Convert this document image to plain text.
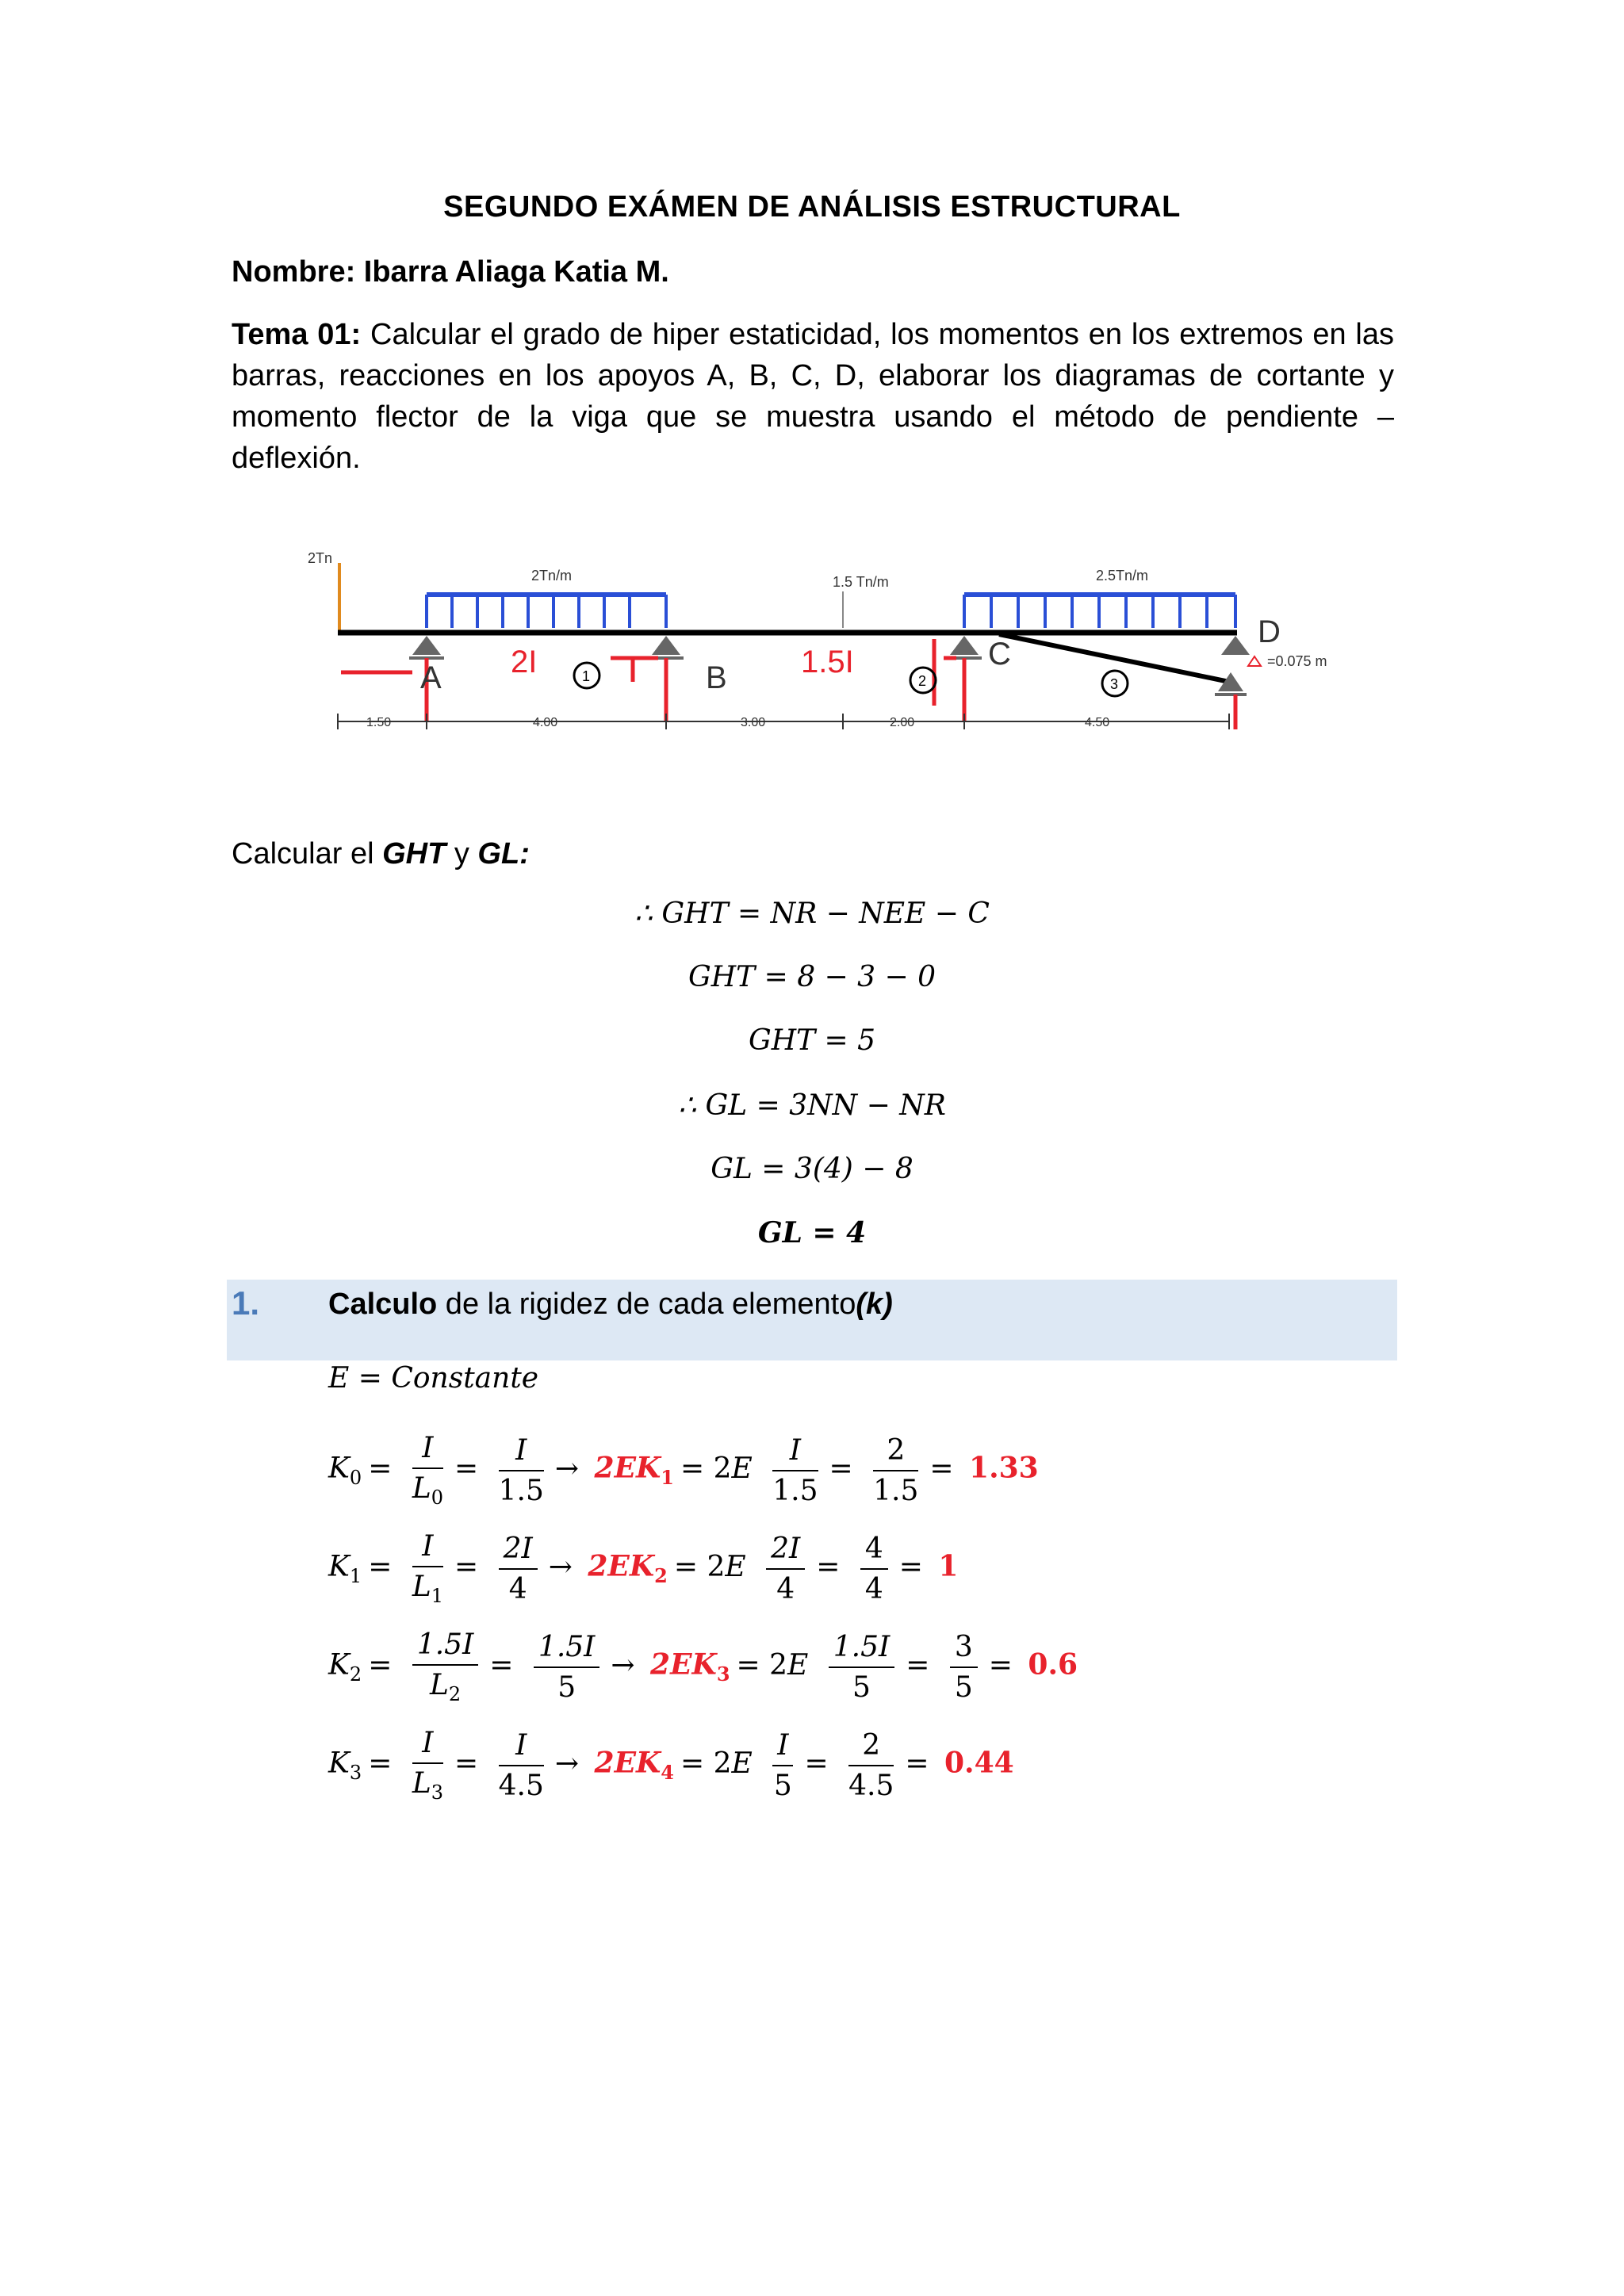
SEGUNDO EXÁMEN DE ANÁLISIS ESTRUCTURAL
Nombre: Ibarra Aliaga Katia M.
Tema 01: Calcular el grado de hiper estaticidad, los momentos en los extremos en las barras, reacciones en los apoyos A, B, C, D, elaborar los diagramas de cortante y momento flector de la viga que se muestra usando el método de pendiente – deflexión.
2Tn
2Tn/m	1.5 Tn/m	2.5Tn/m
A	B
C
D
2I	1.5I
1	2	3
=0.075 m
1.50	4.00	3.00	2.00	4.50
Calcular el GHT y GL:
∴ GHT = NR − NEE − C
GHT = 8 − 3 − 0
GHT = 5
∴ GL = 3NN − NR
GL = 3(4) − 8
GL = 4
1. Calculo de la rigidez de cada elemento(k)
E = Constante
$K_0 = \frac{I}{L_0} = \frac{I}{1.5} \to 2EK_1 = 2E \frac{I}{1.5} = \frac{2}{1.5} = 1.33$
$K_1 = \frac{I}{L_1} = \frac{2I}{4} \to 2EK_2 = 2E \frac{2I}{4} = \frac{4}{4} = 1$
$K_2 = \frac{1.5I}{L_2} = \frac{1.5I}{5} \to 2EK_3 = 2E \frac{1.5I}{5} = \frac{3}{5} = 0.6$
$K_3 = \frac{I}{L_3} = \frac{I}{4.5} \to 2EK_4 = 2E \frac{I}{5} = \frac{2}{4.5} = 0.44$
